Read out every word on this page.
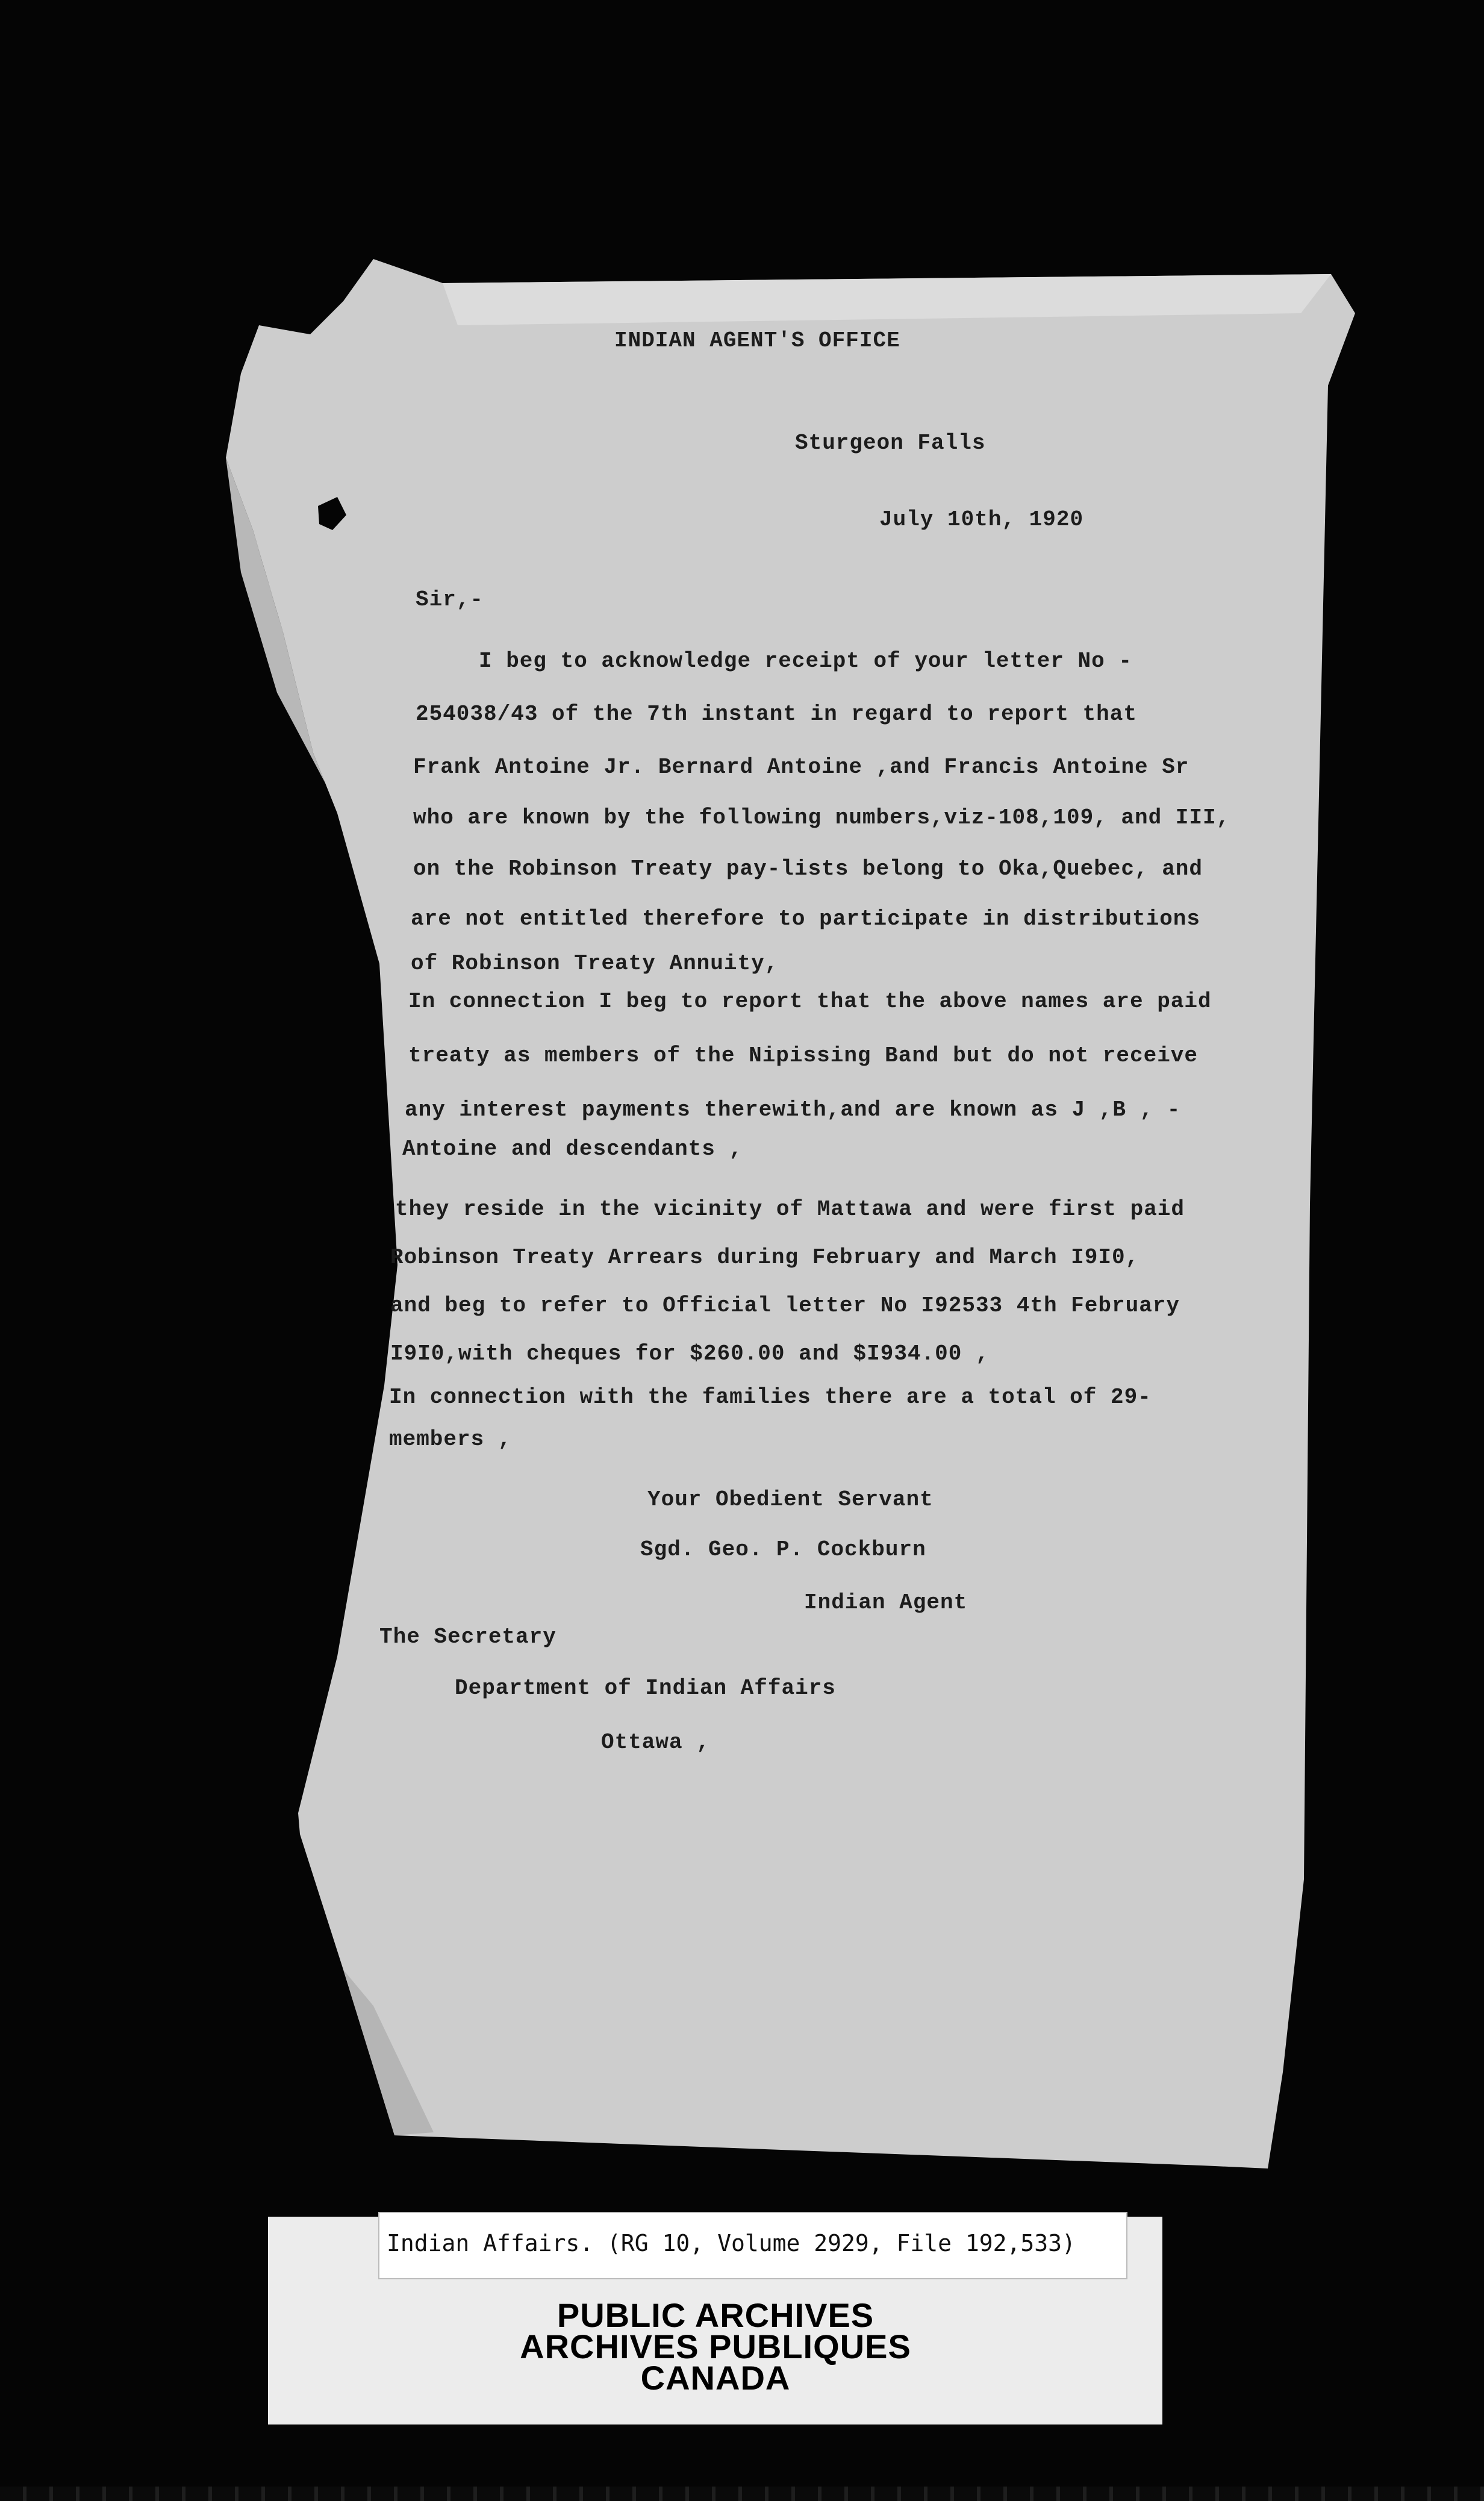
INDIAN AGENT'S OFFICE
Sturgeon Falls
July 10th, 1920
Sir,-
I beg to acknowledge receipt of your letter No -
254038/43 of the 7th instant in regard to report that
Frank Antoine Jr. Bernard Antoine ,and Francis Antoine Sr
who are known by the following numbers,viz-108,109, and III,
on the Robinson Treaty pay-lists belong to Oka,Quebec, and
are not entitled therefore to participate in distributions
of Robinson Treaty Annuity,
In connection I beg to report that the above names are paid
treaty as members of the Nipissing Band but do not receive
any interest payments therewith,and are known as J ,B , -
Antoine and descendants ,
they reside in the vicinity of Mattawa and were first paid
Robinson Treaty Arrears during February and March I9I0,
and beg to refer to Official letter No I92533 4th February
I9I0,with cheques for $260.00 and $I934.00 ,
In connection with the families there are a total of 29-
members ,
Your Obedient Servant
Sgd. Geo. P. Cockburn
Indian Agent
The Secretary
Department of Indian Affairs
Ottawa ,
Indian Affairs. (RG 10, Volume 2929, File 192,533)
PUBLIC ARCHIVES
ARCHIVES PUBLIQUES
CANADA
